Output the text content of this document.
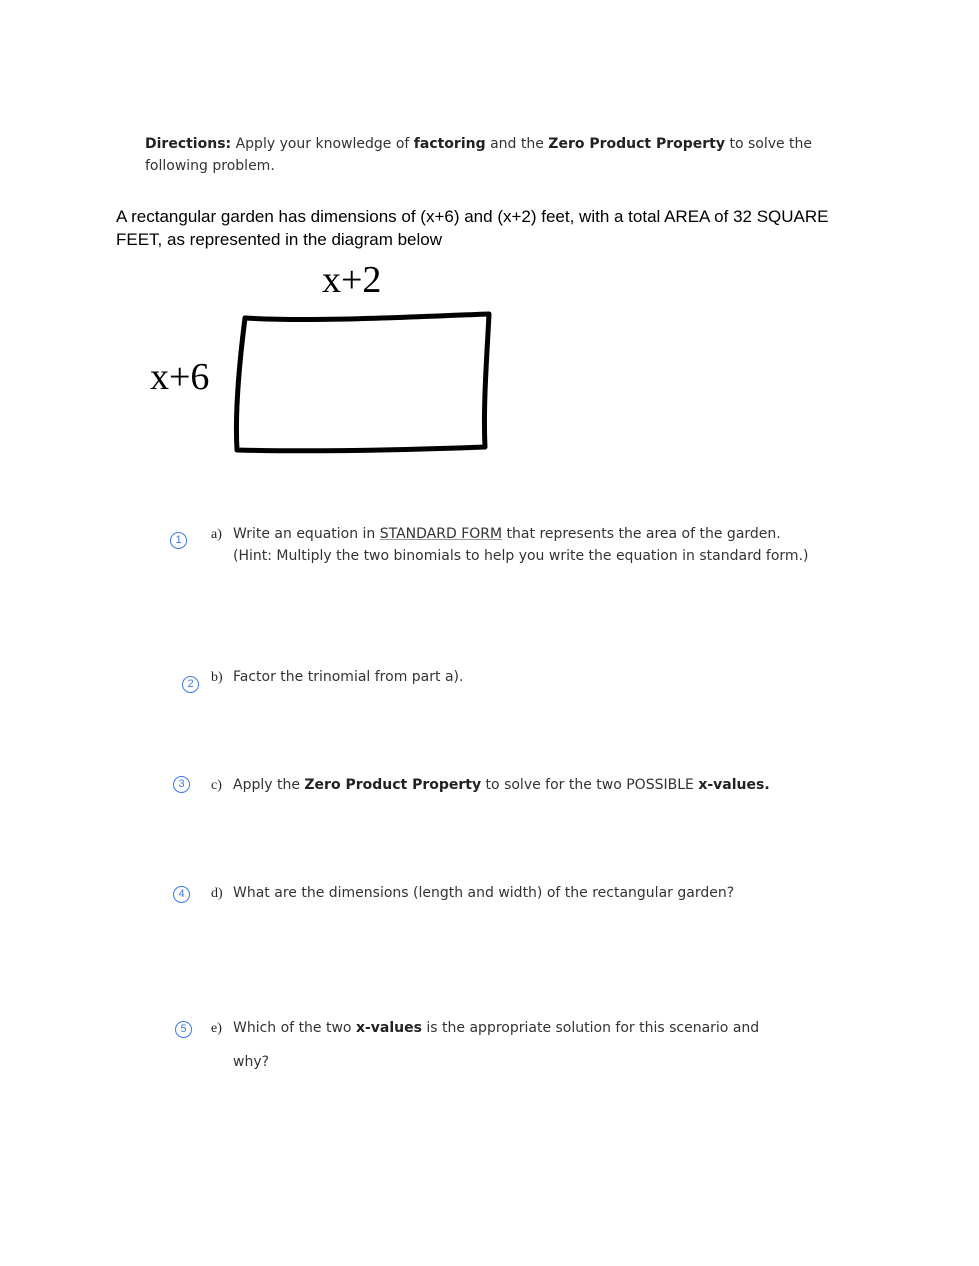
Directions: Apply your knowledge of factoring and the Zero Product Property to solve the following problem.
A rectangular garden has dimensions of (x+6) and (x+2) feet, with a total AREA of 32 SQUARE FEET, as represented in the diagram below
x+2
x+6
1	a) Write an equation in STANDARD FORM that represents the area of the garden. (Hint: Multiply the two binomials to help you write the equation in standard form.)
2	b) Factor the trinomial from part a).
3	c) Apply the Zero Product Property to solve for the two POSSIBLE x-values.
4	d) What are the dimensions (length and width) of the rectangular garden?
5	e) Which of the two x-values is the appropriate solution for this scenario and
why?
